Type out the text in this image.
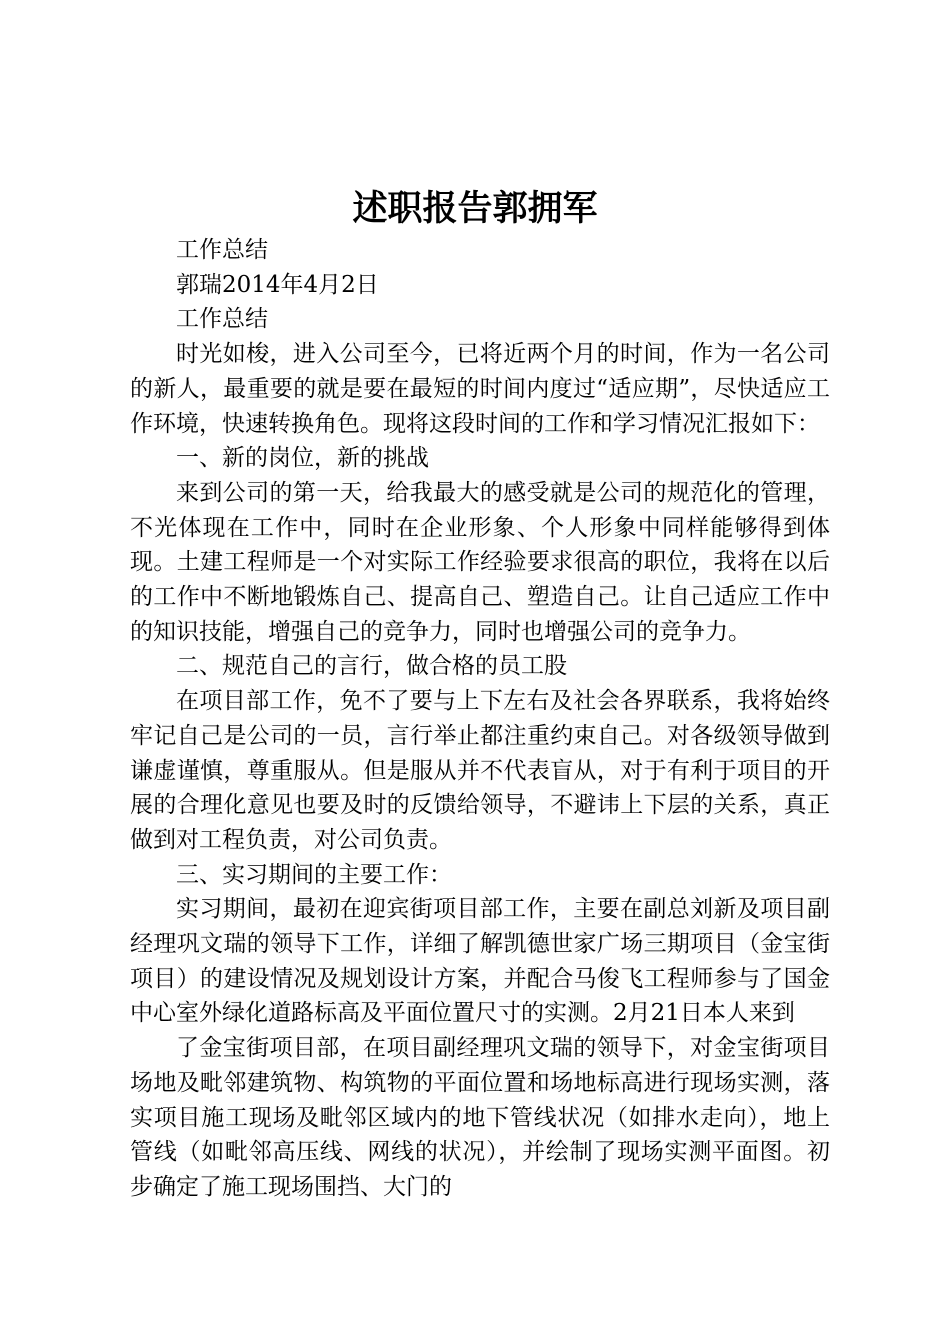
述职报告郭拥军

工作总结

郭瑞2014年4月2日

工作总结

时光如梭，进入公司至今，已将近两个月的时间，作为一名公司的新人，最重要的就是要在最短的时间内度过“适应期”，尽快适应工作环境，快速转换角色。现将这段时间的工作和学习情况汇报如下：

一、新的岗位，新的挑战

来到公司的第一天，给我最大的感受就是公司的规范化的管理，不光体现在工作中，同时在企业形象、个人形象中同样能够得到体现。土建工程师是一个对实际工作经验要求很高的职位，我将在以后的工作中不断地锻炼自己、提高自己、塑造自己。让自己适应工作中的知识技能，增强自己的竞争力，同时也增强公司的竞争力。

二、规范自己的言行，做合格的员工股

在项目部工作，免不了要与上下左右及社会各界联系，我将始终牢记自己是公司的一员，言行举止都注重约束自己。对各级领导做到谦虚谨慎，尊重服从。但是服从并不代表盲从，对于有利于项目的开展的合理化意见也要及时的反馈给领导，不避讳上下层的关系，真正做到对工程负责，对公司负责。

三、实习期间的主要工作：

实习期间，最初在迎宾街项目部工作，主要在副总刘新及项目副经理巩文瑞的领导下工作，详细了解凯德世家广场三期项目（金宝街项目）的建设情况及规划设计方案，并配合马俊飞工程师参与了国金中心室外绿化道路标高及平面位置尺寸的实测。2月21日本人来到

了金宝街项目部，在项目副经理巩文瑞的领导下，对金宝街项目场地及毗邻建筑物、构筑物的平面位置和场地标高进行现场实测，落实项目施工现场及毗邻区域内的地下管线状况（如排水走向），地上管线（如毗邻高压线、网线的状况），并绘制了现场实测平面图。初步确定了施工现场围挡、大门的
